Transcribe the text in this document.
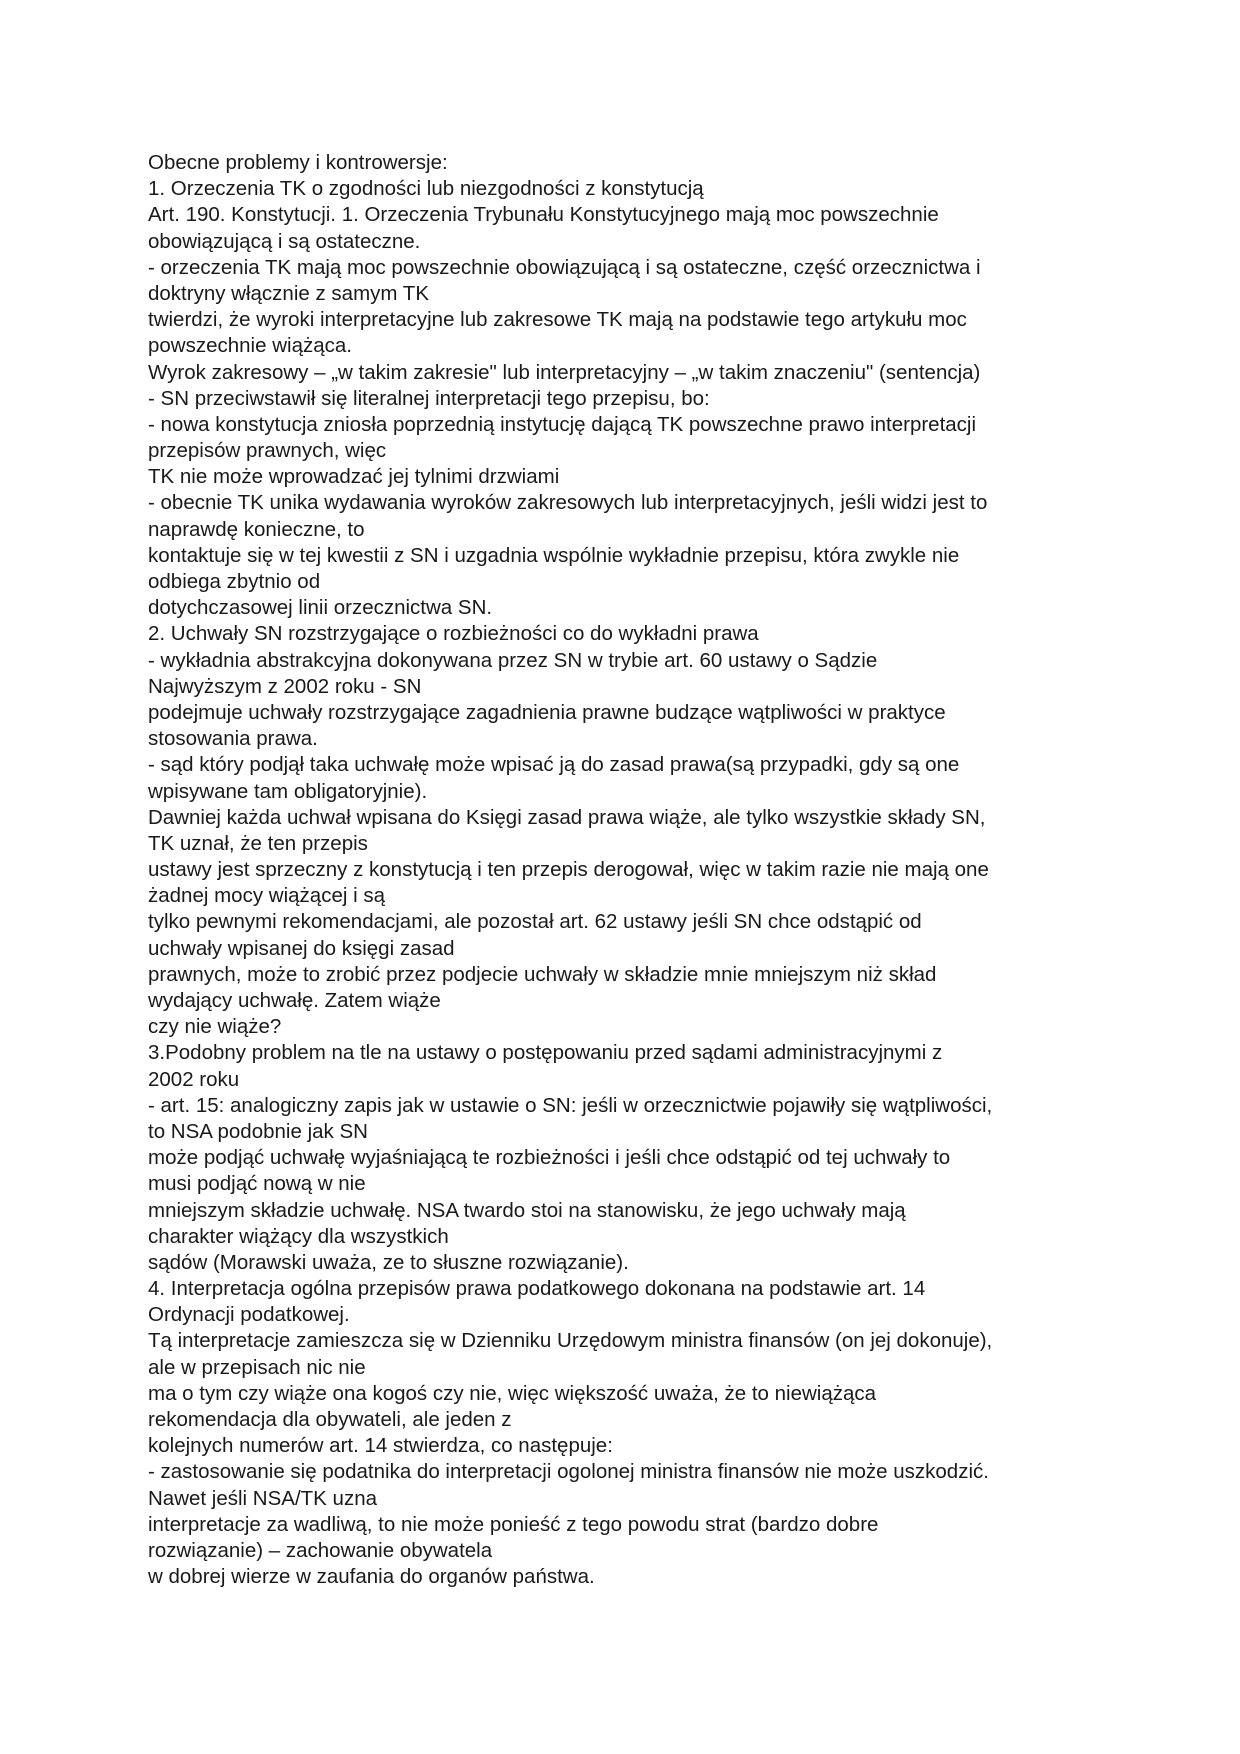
Obecne problemy i kontrowersje:
1. Orzeczenia TK o zgodności lub niezgodności z konstytucją
Art. 190. Konstytucji. 1. Orzeczenia Trybunału Konstytucyjnego mają moc powszechnie
obowiązującą i są ostateczne.
- orzeczenia TK mają moc powszechnie obowiązującą i są ostateczne, część orzecznictwa i
doktryny włącznie z samym TK
twierdzi, że wyroki interpretacyjne lub zakresowe TK mają na podstawie tego artykułu moc
powszechnie wiążąca.
Wyrok zakresowy – „w takim zakresie" lub interpretacyjny – „w takim znaczeniu" (sentencja)
- SN przeciwstawił się literalnej interpretacji tego przepisu, bo:
- nowa konstytucja zniosła poprzednią instytucję dającą TK powszechne prawo interpretacji
przepisów prawnych, więc
TK nie może wprowadzać jej tylnimi drzwiami
- obecnie TK unika wydawania wyroków zakresowych lub interpretacyjnych, jeśli widzi jest to
naprawdę konieczne, to
kontaktuje się w tej kwestii z SN i uzgadnia wspólnie wykładnie przepisu, która zwykle nie
odbiega zbytnio od
dotychczasowej linii orzecznictwa SN.
2. Uchwały SN rozstrzygające o rozbieżności co do wykładni prawa
- wykładnia abstrakcyjna dokonywana przez SN w trybie art. 60 ustawy o Sądzie
Najwyższym z 2002 roku - SN
podejmuje uchwały rozstrzygające zagadnienia prawne budzące wątpliwości w praktyce
stosowania prawa.
- sąd który podjął taka uchwałę może wpisać ją do zasad prawa(są przypadki, gdy są one
wpisywane tam obligatoryjnie).
Dawniej każda uchwał wpisana do Księgi zasad prawa wiąże, ale tylko wszystkie składy SN,
TK uznał, że ten przepis
ustawy jest sprzeczny z konstytucją i ten przepis derogował, więc w takim razie nie mają one
żadnej mocy wiążącej i są
tylko pewnymi rekomendacjami, ale pozostał art. 62 ustawy jeśli SN chce odstąpić od
uchwały wpisanej do księgi zasad
prawnych, może to zrobić przez podjecie uchwały w składzie mnie mniejszym niż skład
wydający uchwałę. Zatem wiąże
czy nie wiąże?
3.Podobny problem na tle na ustawy o postępowaniu przed sądami administracyjnymi z
2002 roku
- art. 15: analogiczny zapis jak w ustawie o SN: jeśli w orzecznictwie pojawiły się wątpliwości,
to NSA podobnie jak SN
może podjąć uchwałę wyjaśniającą te rozbieżności i jeśli chce odstąpić od tej uchwały to
musi podjąć nową w nie
mniejszym składzie uchwałę. NSA twardo stoi na stanowisku, że jego uchwały mają
charakter wiążący dla wszystkich
sądów (Morawski uważa, ze to słuszne rozwiązanie).
4. Interpretacja ogólna przepisów prawa podatkowego dokonana na podstawie art. 14
Ordynacji podatkowej.
Tą interpretacje zamieszcza się w Dzienniku Urzędowym ministra finansów (on jej dokonuje),
ale w przepisach nic nie
ma o tym czy wiąże ona kogoś czy nie, więc większość uważa, że to niewiążąca
rekomendacja dla obywateli, ale jeden z
kolejnych numerów art. 14 stwierdza, co następuje:
- zastosowanie się podatnika do interpretacji ogolonej ministra finansów nie może uszkodzić.
Nawet jeśli NSA/TK uzna
interpretacje za wadliwą, to nie może ponieść z tego powodu strat (bardzo dobre
rozwiązanie) – zachowanie obywatela
w dobrej wierze w zaufania do organów państwa.
